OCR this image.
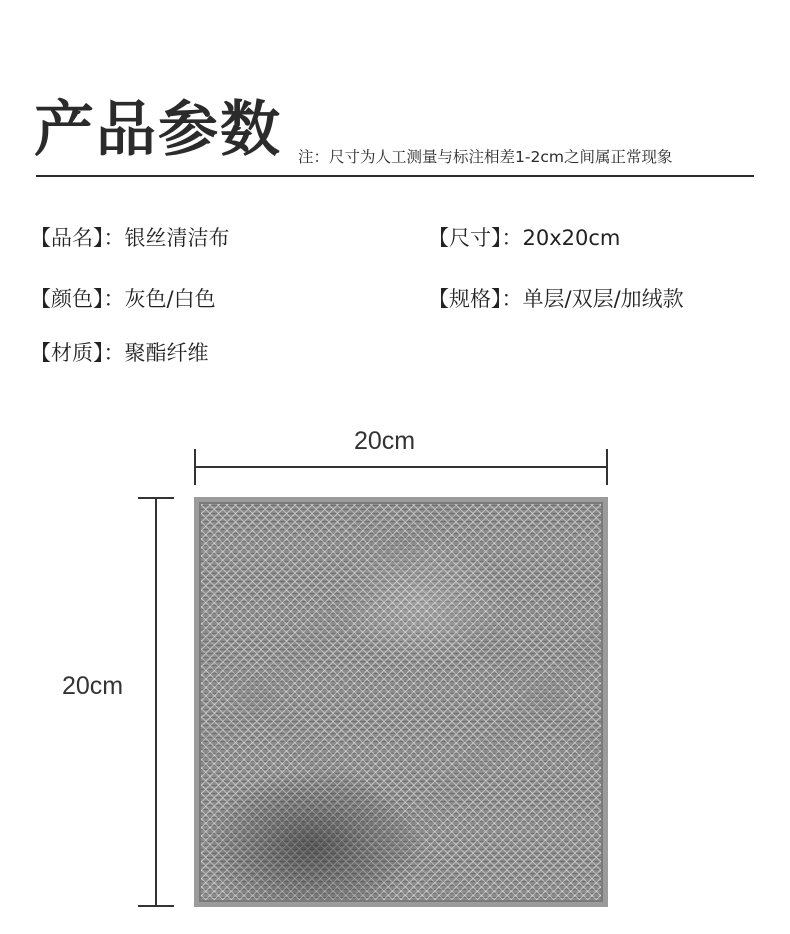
产品参数 注：尺寸为人工测量与标注相差1-2cm之间属正常现象
【品名】：银丝清洁布	【尺寸】：20x20cm
【颜色】：灰色/白色	【规格】：单层/双层/加绒款
【材质】：聚酯纤维
20cm
20cm
